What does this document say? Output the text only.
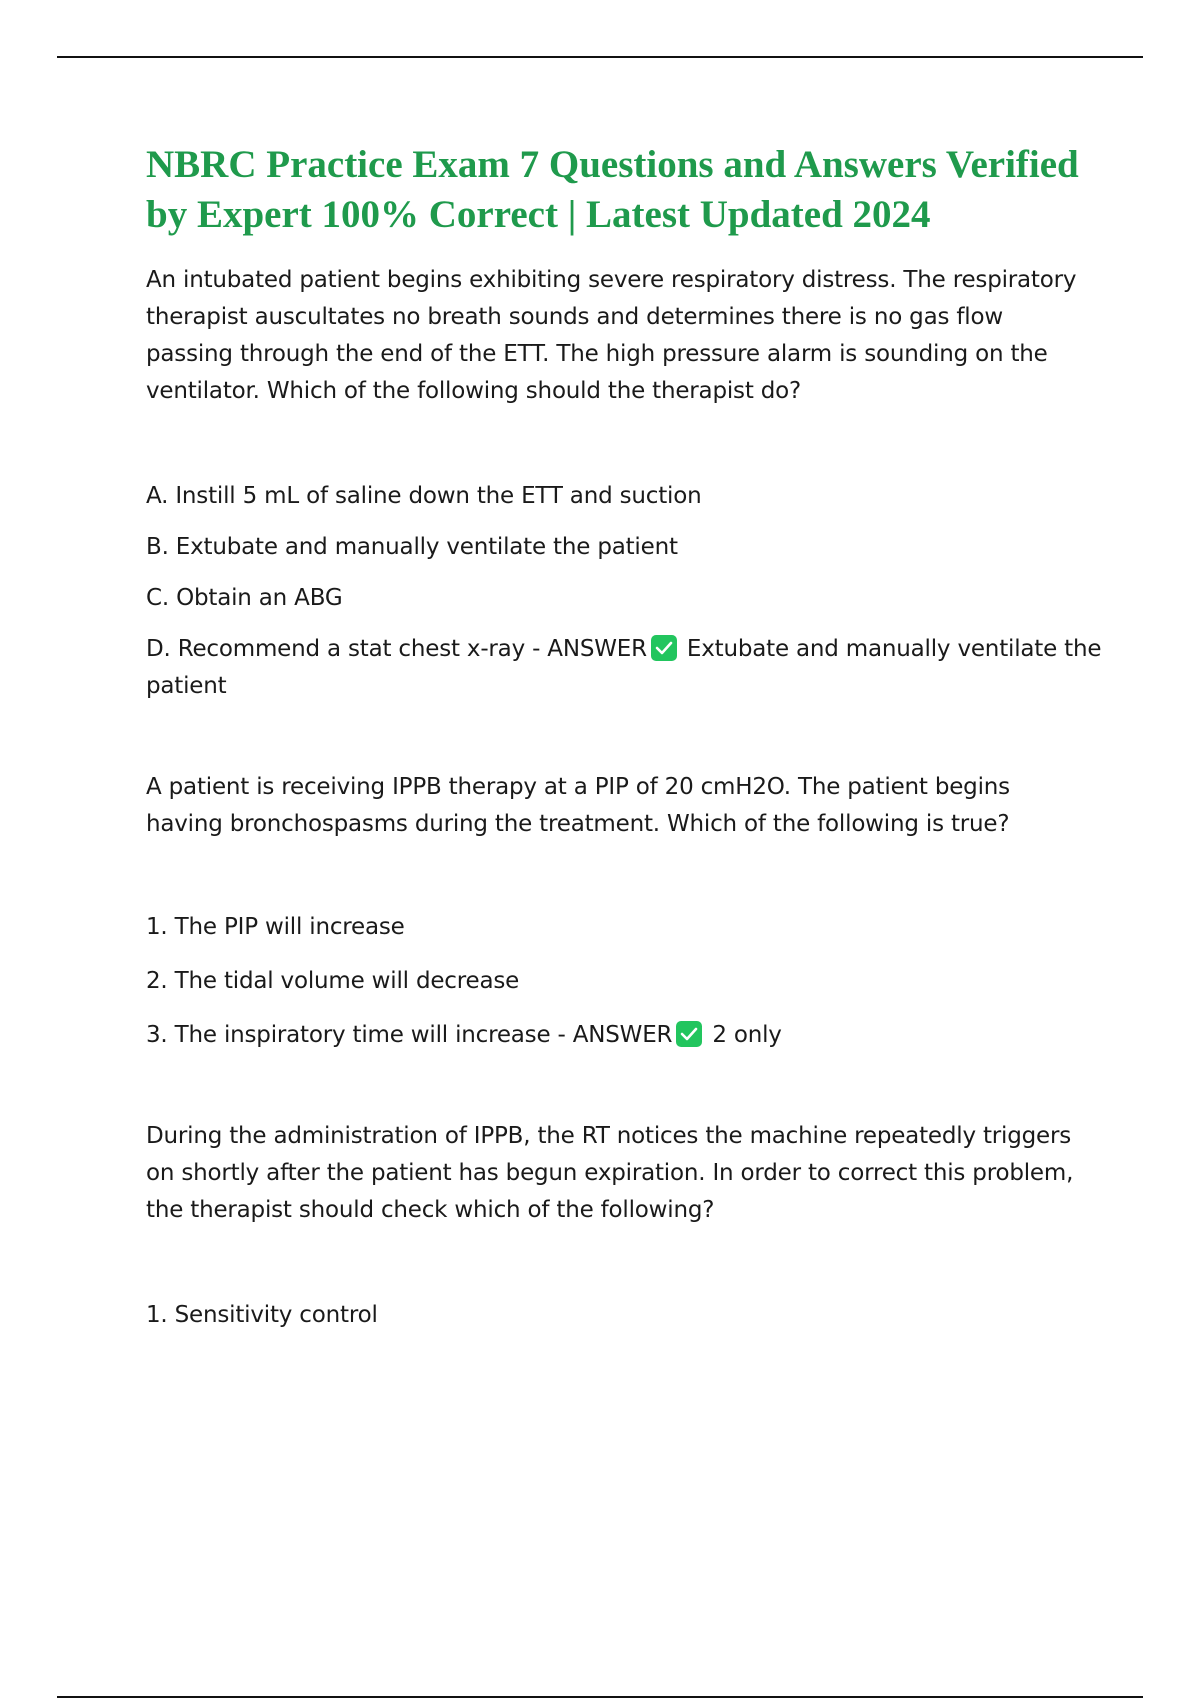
NBRC Practice Exam 7 Questions and Answers Verified by Expert 100% Correct | Latest Updated 2024

An intubated patient begins exhibiting severe respiratory distress. The respiratory therapist auscultates no breath sounds and determines there is no gas flow passing through the end of the ETT. The high pressure alarm is sounding on the ventilator. Which of the following should the therapist do?

A. Instill 5 mL of saline down the ETT and suction

B. Extubate and manually ventilate the patient

C. Obtain an ABG

D. Recommend a stat chest x-ray - ANSWER Extubate and manually ventilate the patient

A patient is receiving IPPB therapy at a PIP of 20 cmH2O. The patient begins having bronchospasms during the treatment. Which of the following is true?

1. The PIP will increase

2. The tidal volume will decrease

3. The inspiratory time will increase - ANSWER 2 only

During the administration of IPPB, the RT notices the machine repeatedly triggers on shortly after the patient has begun expiration. In order to correct this problem, the therapist should check which of the following?

1. Sensitivity control
